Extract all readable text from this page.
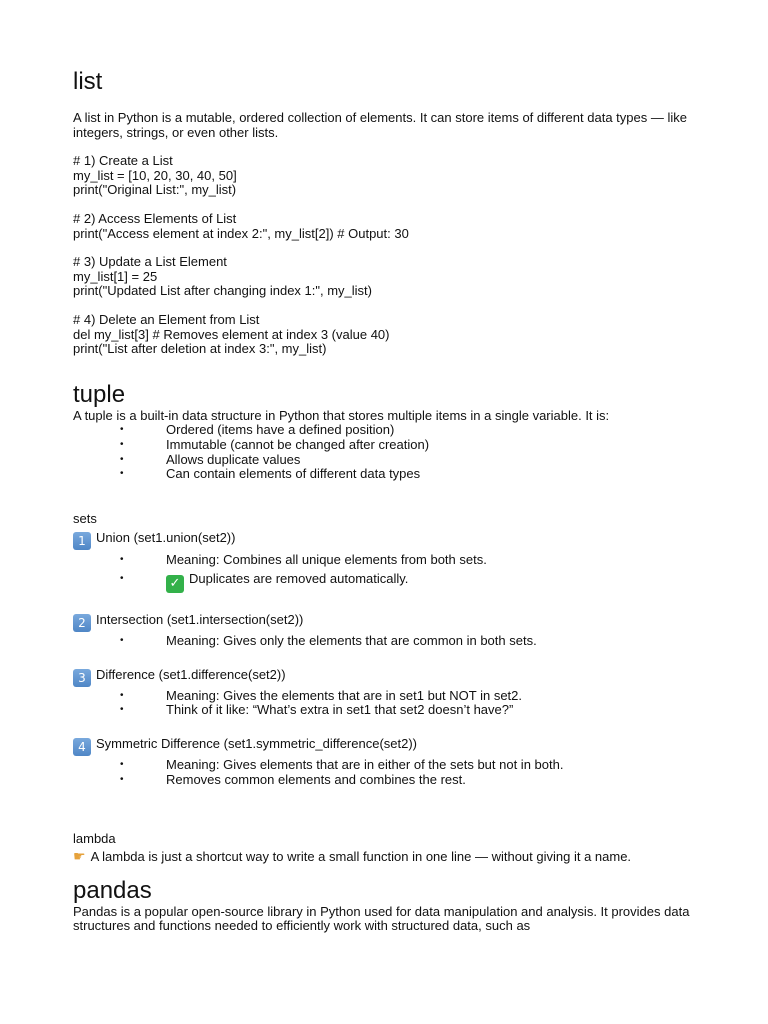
list

A list in Python is a mutable, ordered collection of elements. It can store items of different data types — like integers, strings, or even other lists.

# 1) Create a List

my_list = [10, 20, 30, 40, 50]

print("Original List:", my_list)

# 2) Access Elements of List

print("Access element at index 2:", my_list[2]) # Output: 30

# 3) Update a List Element

my_list[1] = 25

print("Updated List after changing index 1:", my_list)

# 4) Delete an Element from List

del my_list[3] # Removes element at index 3 (value 40)

print("List after deletion at index 3:", my_list)

tuple

A tuple is a built-in data structure in Python that stores multiple items in a single variable. It is:

•	Ordered (items have a defined position)
•	Immutable (cannot be changed after creation)
•	Allows duplicate values
•	Can contain elements of different data types

sets

1 Union (set1.union(set2))

•	Meaning: Combines all unique elements from both sets.
•	✓ Duplicates are removed automatically.

2 Intersection (set1.intersection(set2))

•	Meaning: Gives only the elements that are common in both sets.

3 Difference (set1.difference(set2))

•	Meaning: Gives the elements that are in set1 but NOT in set2.
•	Think of it like: “What’s extra in set1 that set2 doesn’t have?”

4 Symmetric Difference (set1.symmetric_difference(set2))

•	Meaning: Gives elements that are in either of the sets but not in both.
•	Removes common elements and combines the rest.

lambda

☛ A lambda is just a shortcut way to write a small function in one line — without giving it a name.

pandas

Pandas is a popular open-source library in Python used for data manipulation and analysis. It provides data structures and functions needed to efficiently work with structured data, such as
